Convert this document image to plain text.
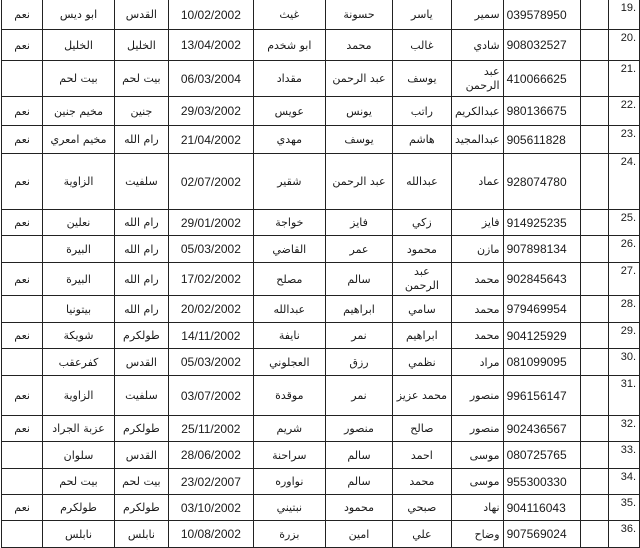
نعم	ابو ديس	القدس	10/02/2002	غيث	حسونة	ياسر	سمير	039578950		19.
نعم	الخليل	الخليل	13/04/2002	ابو شخدم	محمد	غالب	شادي	908032527		20.
	بيت لحم	بيت لحم	06/03/2004	مقداد	عبد الرحمن	يوسف	عبد الرحمن	410066625		21.
نعم	مخيم جنين	جنين	29/03/2002	عويس	يونس	راتب	عبدالكريم	980136675		22.
نعم	مخيم امعري	رام الله	21/04/2002	مهدي	يوسف	هاشم	عبدالمجيد	905611828		23.
نعم	الزاوية	سلفيت	02/07/2002	شقير	عبد الرحمن	عبدالله	عماد	928074780		24.
نعم	نعلين	رام الله	29/01/2002	خواجة	فايز	زكي	فايز	914925235		25.
	البيرة	رام الله	05/03/2002	القاضي	عمر	محمود	مازن	907898134		26.
نعم	البيرة	رام الله	17/02/2002	مصلح	سالم	عبد الرحمن	محمد	902845643		27.
	بيتونيا	رام الله	20/02/2002	عبدالله	ابراهيم	سامي	محمد	979469954		28.
نعم	شويكة	طولكرم	14/11/2002	نايفة	نمر	ابراهيم	محمد	904125929		29.
	كفرعقب	القدس	05/03/2002	العجلوني	رزق	نظمي	مراد	081099095		30.
نعم	الزاوية	سلفيت	03/07/2002	موقدة	نمر	محمد عزيز	منصور	996156147		31.
نعم	عزبة الجراد	طولكرم	25/11/2002	شريم	منصور	صالح	منصور	902436567		32.
	سلوان	القدس	28/06/2002	سراحنة	سالم	احمد	موسى	080725765		33.
	بيت لحم	بيت لحم	23/02/2007	نواوره	سالم	محمد	موسى	955300330		34.
نعم	طولكرم	طولكرم	03/10/2002	نبتيني	محمود	صبحي	نهاد	904116043		35.
	نابلس	نابلس	10/08/2002	بزرة	امين	علي	وضاح	907569024		36.
